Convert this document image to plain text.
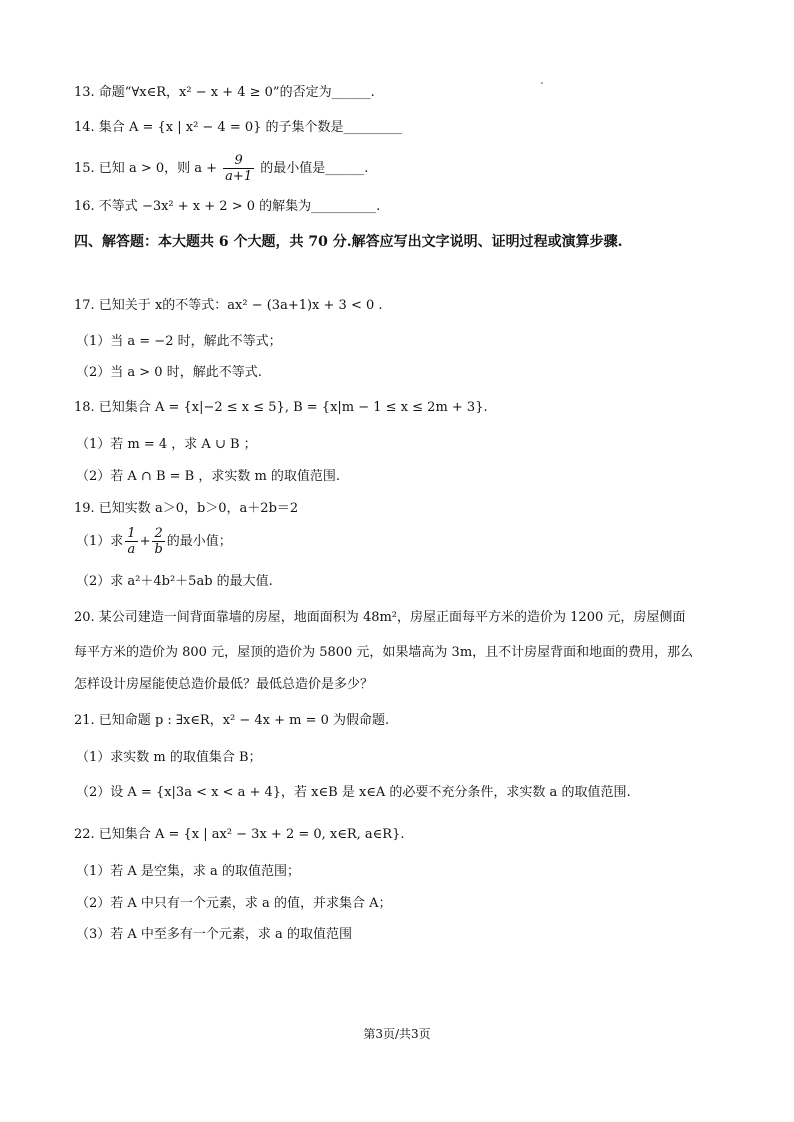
13. 命题“∀x∈R，x² − x + 4 ≥ 0”的否定为______.
14. 集合 A = {x | x² − 4 = 0} 的子集个数是_________
15. 已知 a > 0，则 $a + \frac{9}{a+1}$ 的最小值是______.
16. 不等式 −3x² + x + 2 > 0 的解集为__________.
四、解答题：本大题共 6 个大题，共 70 分.解答应写出文字说明、证明过程或演算步骤.
17. 已知关于 x的不等式：ax² − (3a+1)x + 3 < 0 .
（1）当 a = −2 时，解此不等式；
（2）当 a > 0 时，解此不等式.
18. 已知集合 A = {x|−2 ≤ x ≤ 5}, B = {x|m − 1 ≤ x ≤ 2m + 3}.
（1）若 m = 4 ，求 A ∪ B ；
（2）若 A ∩ B = B ，求实数 m 的取值范围.
19. 已知实数 a＞0，b＞0，a＋2b＝2
（1）求 $\frac{1}{a} + \frac{2}{b}$ 的最小值；
（2）求 a²＋4b²＋5ab 的最大值.
20. 某公司建造一间背面靠墙的房屋，地面面积为 48m²，房屋正面每平方米的造价为 1200 元，房屋侧面
每平方米的造价为 800 元，屋顶的造价为 5800 元，如果墙高为 3m，且不计房屋背面和地面的费用，那么
怎样设计房屋能使总造价最低？最低总造价是多少？
21. 已知命题 p : ∃x∈R，x² − 4x + m = 0 为假命题.
（1）求实数 m 的取值集合 B；
（2）设 A = {x|3a < x < a + 4}，若 x∈B 是 x∈A 的必要不充分条件，求实数 a 的取值范围.
22. 已知集合 A = {x | ax² − 3x + 2 = 0, x∈R, a∈R}.
（1）若 A 是空集，求 a 的取值范围；
（2）若 A 中只有一个元素，求 a 的值，并求集合 A；
（3）若 A 中至多有一个元素，求 a 的取值范围
第3页/共3页
